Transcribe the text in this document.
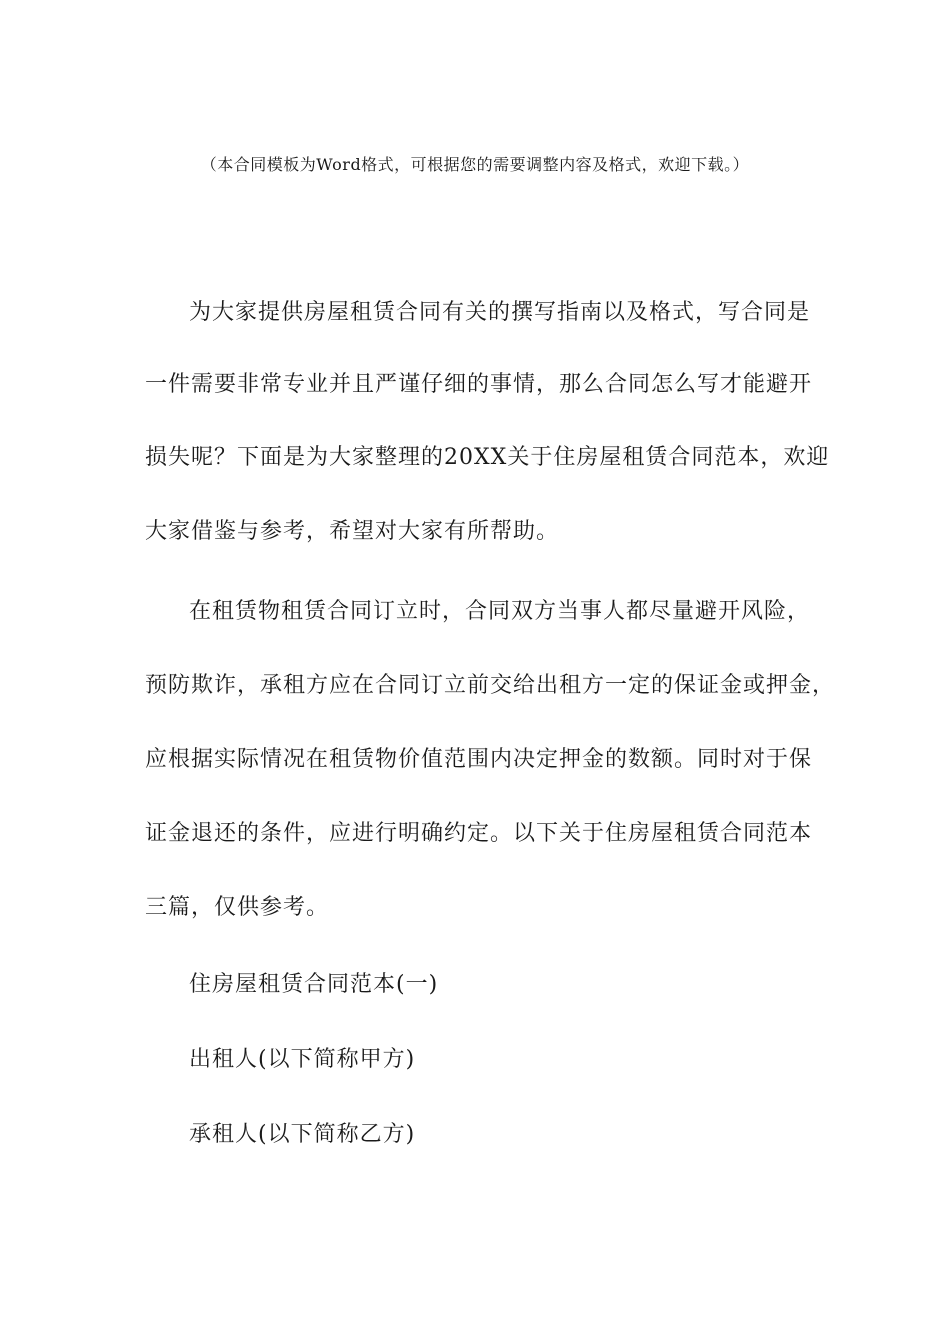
（本合同模板为Word格式，可根据您的需要调整内容及格式，欢迎下载。）
为大家提供房屋租赁合同有关的撰写指南以及格式，写合同是
一件需要非常专业并且严谨仔细的事情，那么合同怎么写才能避开
损失呢？下面是为大家整理的20XX关于住房屋租赁合同范本，欢迎
大家借鉴与参考，希望对大家有所帮助。
在租赁物租赁合同订立时，合同双方当事人都尽量避开风险，
预防欺诈，承租方应在合同订立前交给出租方一定的保证金或押金，
应根据实际情况在租赁物价值范围内决定押金的数额。同时对于保
证金退还的条件，应进行明确约定。以下关于住房屋租赁合同范本
三篇，仅供参考。
住房屋租赁合同范本(一)
出租人(以下简称甲方)
承租人(以下简称乙方)
